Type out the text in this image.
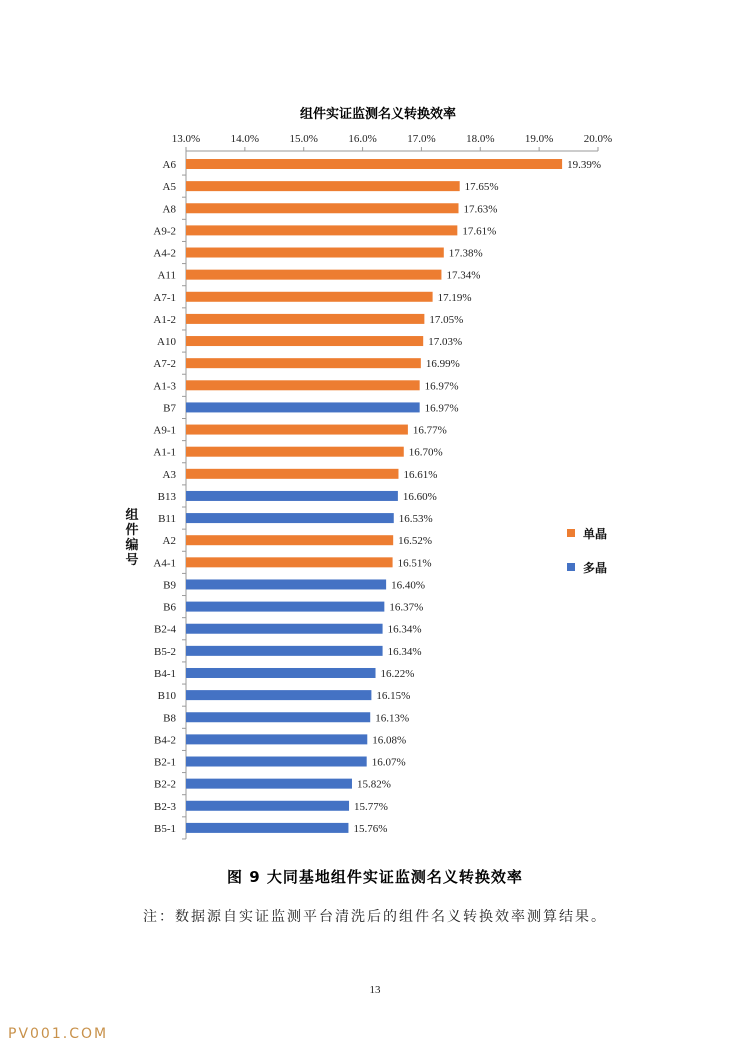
组件实证监测名义转换效率
13.0%	14.0%	15.0%	16.0%	17.0%	18.0%	19.0%	20.0%
A6	19.39%
A5	17.65%
A8	17.63%
A9-2	17.61%
A4-2	17.38%
A11	17.34%
A7-1	17.19%
A1-2	17.05%
A10	17.03%
A7-2	16.99%
A1-3	16.97%
B7	16.97%
A9-1	16.77%
A1-1	16.70%
A3	16.61%
B13	16.60%
B11	16.53%
A2	16.52%
A4-1	16.51%
B9	16.40%
B6	16.37%
B2-4	16.34%
B5-2	16.34%
B4-1	16.22%
B10	16.15%
B8	16.13%
B4-2	16.08%
B2-1	16.07%
B2-2	15.82%
B2-3	15.77%
B5-1	15.76%
单晶
多晶
组
件
编
号
图 9 大同基地组件实证监测名义转换效率
注：数据源自实证监测平台清洗后的组件名义转换效率测算结果。
13
PV001.COM
